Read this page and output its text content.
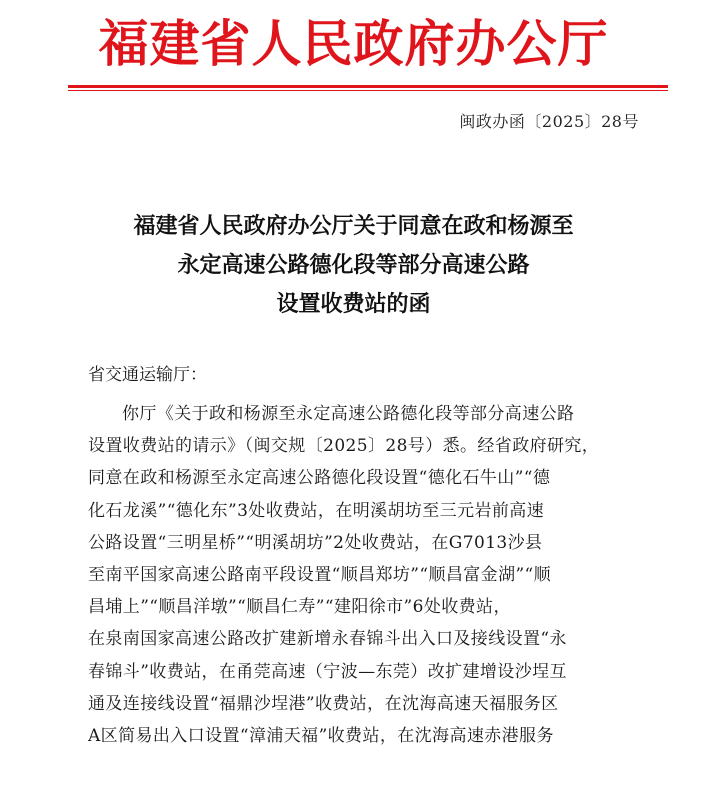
福建省人民政府办公厅
闽政办函〔2025〕28号
福建省人民政府办公厅关于同意在政和杨源至
永定高速公路德化段等部分高速公路
设置收费站的函
省交通运输厅：
你厅《关于政和杨源至永定高速公路德化段等部分高速公路
设置收费站的请示》（闽交规〔2025〕28号）悉。经省政府研究，
同意在政和杨源至永定高速公路德化段设置“德化石牛山”“德
化石龙溪”“德化东”3处收费站，在明溪胡坊至三元岩前高速
公路设置“三明星桥”“明溪胡坊”2处收费站，在G7013沙县
至南平国家高速公路南平段设置“顺昌郑坊”“顺昌富金湖”“顺
昌埔上”“顺昌洋墩”“顺昌仁寿”“建阳徐市”6处收费站，
在泉南国家高速公路改扩建新增永春锦斗出入口及接线设置“永
春锦斗”收费站，在甬莞高速（宁波—东莞）改扩建增设沙埕互
通及连接线设置“福鼎沙埕港”收费站，在沈海高速天福服务区
A区简易出入口设置“漳浦天福”收费站，在沈海高速赤港服务
